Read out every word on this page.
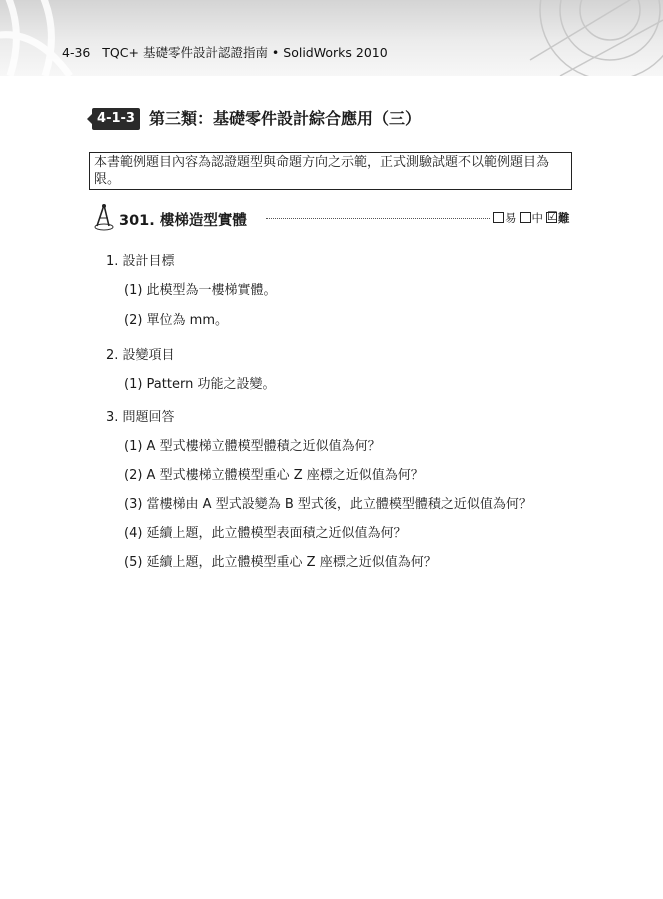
4-36 TQC+ 基礎零件設計認證指南 • SolidWorks 2010
4-1-3 第三類：基礎零件設計綜合應用（三）
本書範例題目內容為認證題型與命題方向之示範，正式測驗試題不以範例題目為限。
301. 樓梯造型實體	易 中 ☑ 難
1. 設計目標
(1) 此模型為一樓梯實體。
(2) 單位為 mm。
2. 設變項目
(1) Pattern 功能之設變。
3. 問題回答
(1) A 型式樓梯立體模型體積之近似值為何？
(2) A 型式樓梯立體模型重心 Z 座標之近似值為何？
(3) 當樓梯由 A 型式設變為 B 型式後，此立體模型體積之近似值為何？
(4) 延續上題，此立體模型表面積之近似值為何？
(5) 延續上題，此立體模型重心 Z 座標之近似值為何？
